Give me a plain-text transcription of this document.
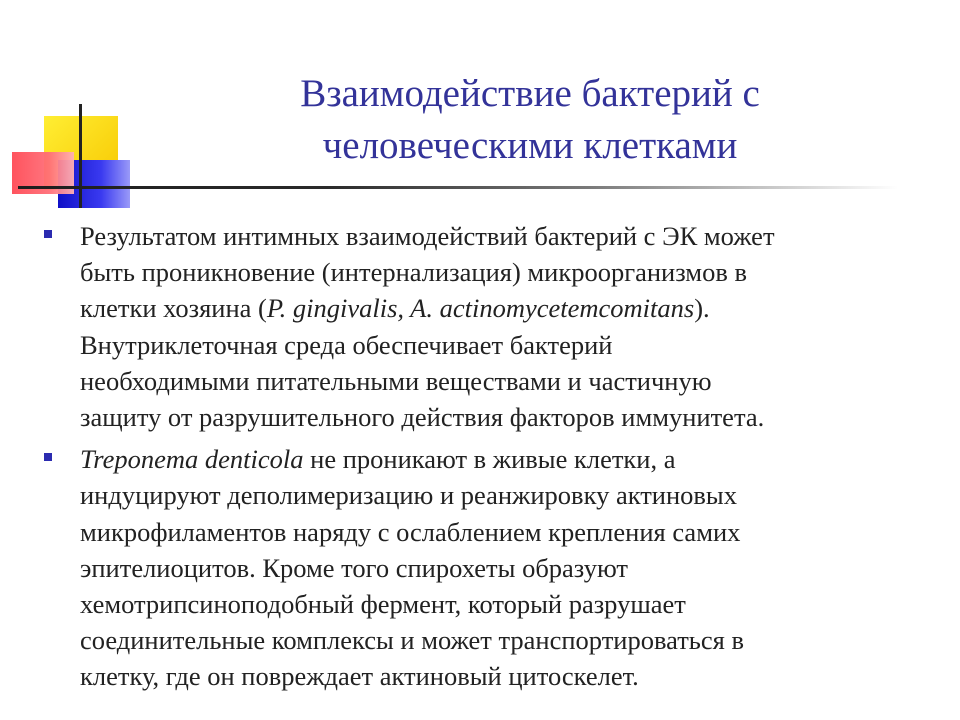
Взаимодействие бактерий с
человеческими клетками
Результатом интимных взаимодействий бактерий с ЭК может
быть проникновение (интернализация) микроорганизмов в
клетки хозяина (P. gingivalis, A. actinomycetemcomitans).
Внутриклеточная среда обеспечивает бактерий
необходимыми питательными веществами и частичную
защиту от разрушительного действия факторов иммунитета.
Treponema denticola не проникают в живые клетки, а
индуцируют деполимеризацию и реанжировку актиновых
микрофиламентов наряду с ослаблением крепления самих
эпителиоцитов. Кроме того спирохеты образуют
хемотрипсиноподобный фермент, который разрушает
соединительные комплексы и может транспортироваться в
клетку, где он повреждает актиновый цитоскелет.
